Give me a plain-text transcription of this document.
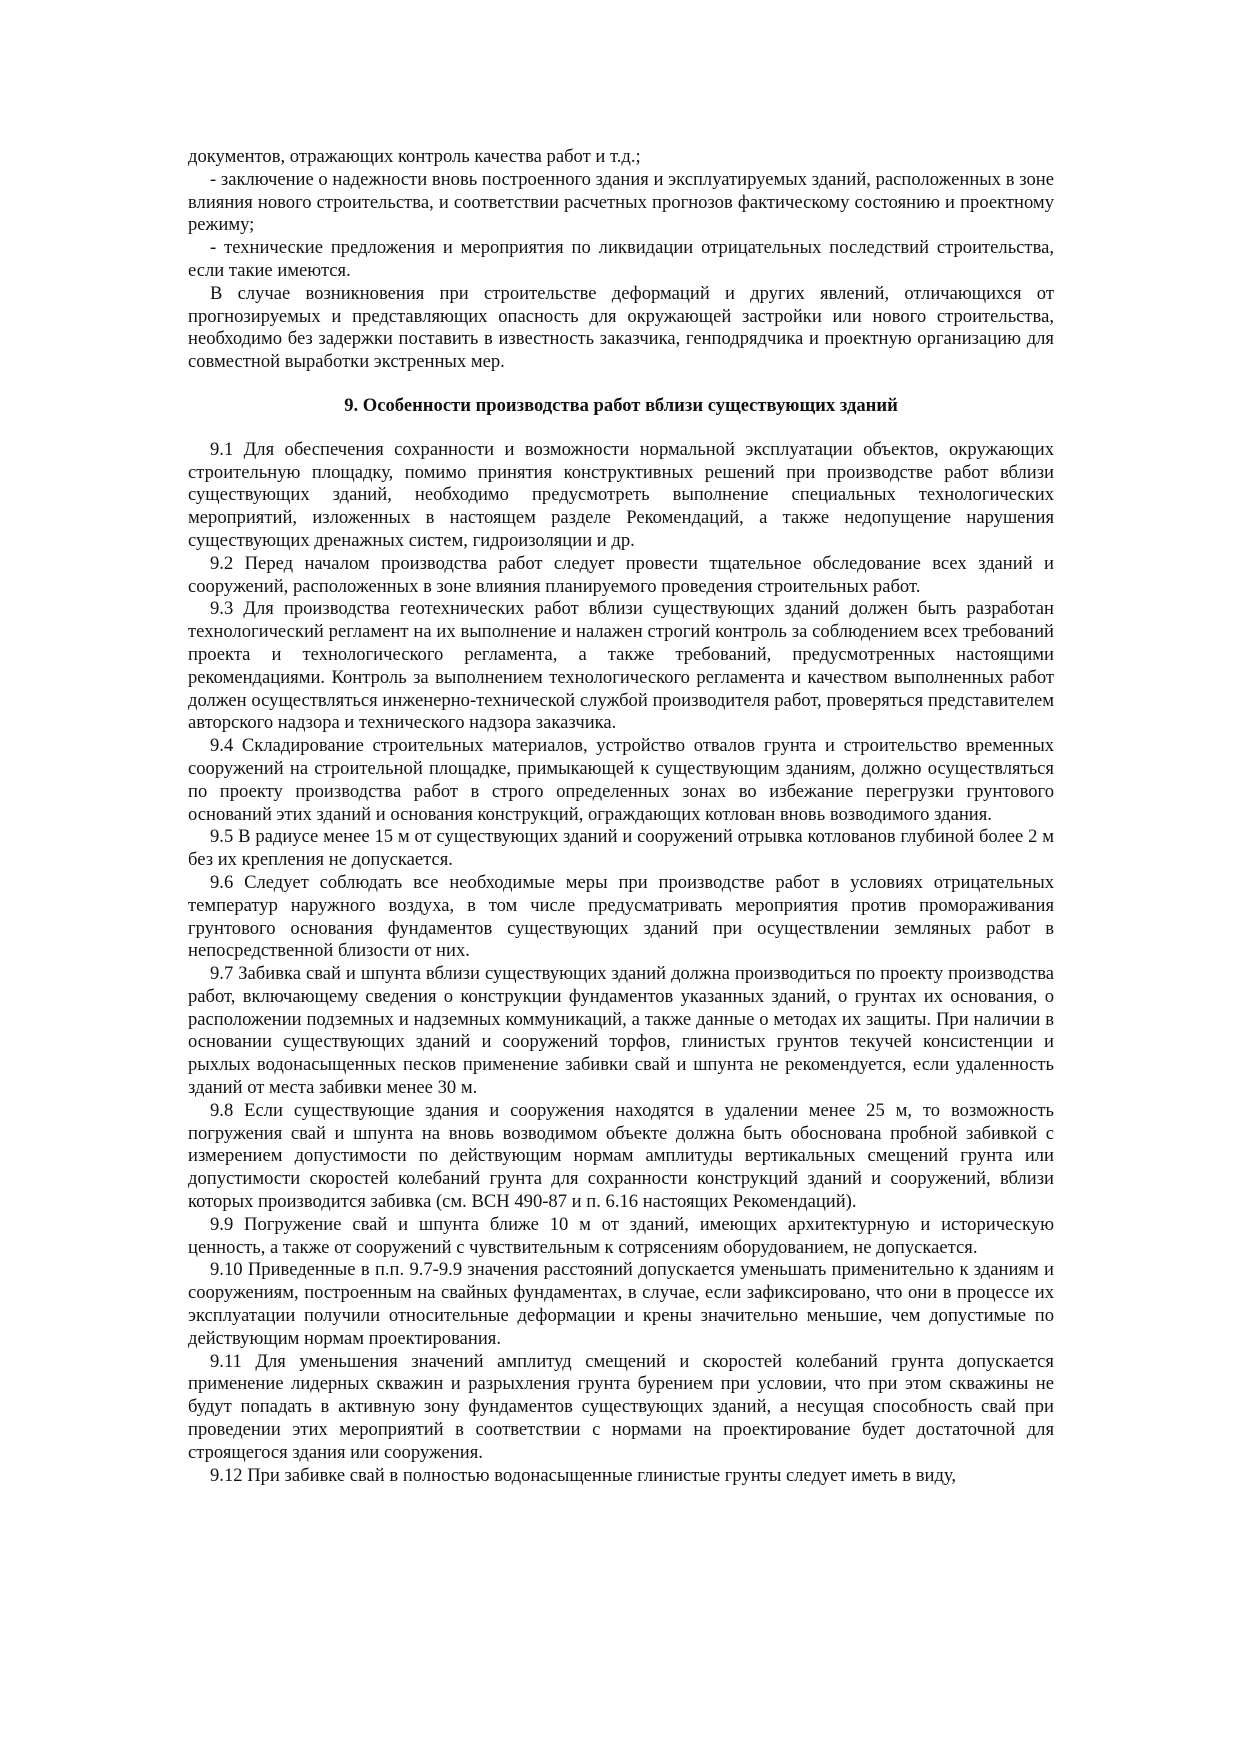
документов, отражающих контроль качества работ и т.д.;

- заключение о надежности вновь построенного здания и эксплуатируемых зданий, расположенных в зоне влияния нового строительства, и соответствии расчетных прогнозов фактическому состоянию и проектному режиму;

- технические предложения и мероприятия по ликвидации отрицательных последствий строительства, если такие имеются.

В случае возникновения при строительстве деформаций и других явлений, отличающихся от прогнозируемых и представляющих опасность для окружающей застройки или нового строительства, необходимо без задержки поставить в известность заказчика, генподрядчика и проектную организацию для совместной выработки экстренных мер.

9. Особенности производства работ вблизи существующих зданий

9.1 Для обеспечения сохранности и возможности нормальной эксплуатации объектов, окружающих строительную площадку, помимо принятия конструктивных решений при производстве работ вблизи существующих зданий, необходимо предусмотреть выполнение специальных технологических мероприятий, изложенных в настоящем разделе Рекомендаций, а также недопущение нарушения существующих дренажных систем, гидроизоляции и др.

9.2 Перед началом производства работ следует провести тщательное обследование всех зданий и сооружений, расположенных в зоне влияния планируемого проведения строительных работ.

9.3 Для производства геотехнических работ вблизи существующих зданий должен быть разработан технологический регламент на их выполнение и налажен строгий контроль за соблюдением всех требований проекта и технологического регламента, а также требований, предусмотренных настоящими рекомендациями. Контроль за выполнением технологического регламента и качеством выполненных работ должен осуществляться инженерно-технической службой производителя работ, проверяться представителем авторского надзора и технического надзора заказчика.

9.4 Складирование строительных материалов, устройство отвалов грунта и строительство временных сооружений на строительной площадке, примыкающей к существующим зданиям, должно осуществляться по проекту производства работ в строго определенных зонах во избежание перегрузки грунтового оснований этих зданий и основания конструкций, ограждающих котлован вновь возводимого здания.

9.5 В радиусе менее 15 м от существующих зданий и сооружений отрывка котлованов глубиной более 2 м без их крепления не допускается.

9.6 Следует соблюдать все необходимые меры при производстве работ в условиях отрицательных температур наружного воздуха, в том числе предусматривать мероприятия против промораживания грунтового основания фундаментов существующих зданий при осуществлении земляных работ в непосредственной близости от них.

9.7 Забивка свай и шпунта вблизи существующих зданий должна производиться по проекту производства работ, включающему сведения о конструкции фундаментов указанных зданий, о грунтах их основания, о расположении подземных и надземных коммуникаций, а также данные о методах их защиты. При наличии в основании существующих зданий и сооружений торфов, глинистых грунтов текучей консистенции и рыхлых водонасыщенных песков применение забивки свай и шпунта не рекомендуется, если удаленность зданий от места забивки менее 30 м.

9.8 Если существующие здания и сооружения находятся в удалении менее 25 м, то возможность погружения свай и шпунта на вновь возводимом объекте должна быть обоснована пробной забивкой с измерением допустимости по действующим нормам амплитуды вертикальных смещений грунта или допустимости скоростей колебаний грунта для сохранности конструкций зданий и сооружений, вблизи которых производится забивка (см. ВСН 490-87 и п. 6.16 настоящих Рекомендаций).

9.9 Погружение свай и шпунта ближе 10 м от зданий, имеющих архитектурную и историческую ценность, а также от сооружений с чувствительным к сотрясениям оборудованием, не допускается.

9.10 Приведенные в п.п. 9.7-9.9 значения расстояний допускается уменьшать применительно к зданиям и сооружениям, построенным на свайных фундаментах, в случае, если зафиксировано, что они в процессе их эксплуатации получили относительные деформации и крены значительно меньшие, чем допустимые по действующим нормам проектирования.

9.11 Для уменьшения значений амплитуд смещений и скоростей колебаний грунта допускается применение лидерных скважин и разрыхления грунта бурением при условии, что при этом скважины не будут попадать в активную зону фундаментов существующих зданий, а несущая способность свай при проведении этих мероприятий в соответствии с нормами на проектирование будет достаточной для строящегося здания или сооружения.

9.12 При забивке свай в полностью водонасыщенные глинистые грунты следует иметь в виду,
